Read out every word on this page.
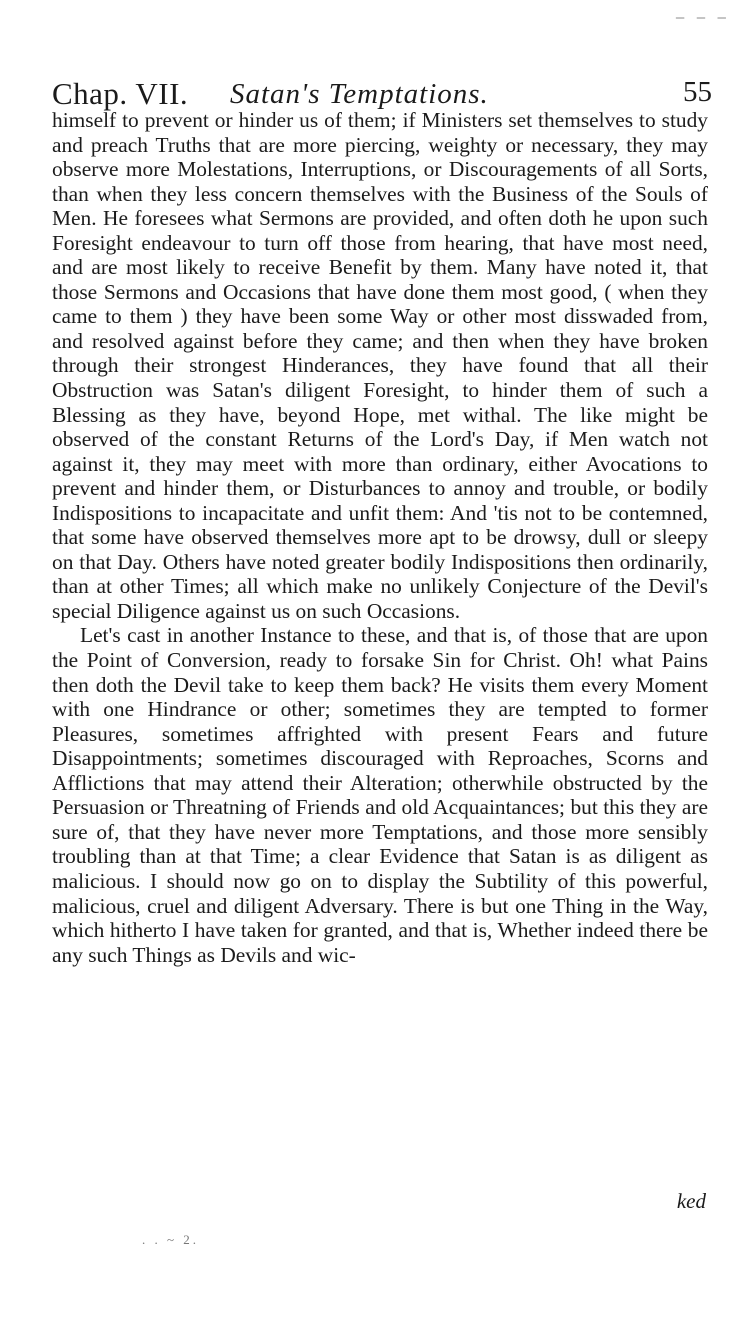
— — —
Chap. VII. Satan's Temptations.	55

himself to prevent or hinder us of them; if Ministers set themselves to study and preach Truths that are more piercing, weighty or necessary, they may observe more Molestations, Interruptions, or Discouragements of all Sorts, than when they less concern themselves with the Business of the Souls of Men. He foresees what Sermons are provided, and often doth he upon such Foresight endeavour to turn off those from hearing, that have most need, and are most likely to receive Benefit by them. Many have noted it, that those Sermons and Occasions that have done them most good, ( when they came to them ) they have been some Way or other most disswaded from, and resolved against before they came; and then when they have broken through their strongest Hinderances, they have found that all their Obstruction was Satan's diligent Foresight, to hinder them of such a Blessing as they have, beyond Hope, met withal. The like might be observed of the constant Returns of the Lord's Day, if Men watch not against it, they may meet with more than ordinary, either Avocations to prevent and hinder them, or Disturbances to annoy and trouble, or bodily Indispositions to incapacitate and unfit them: And 'tis not to be contemned, that some have observed themselves more apt to be drowsy, dull or sleepy on that Day. Others have noted greater bodily Indispositions then ordinarily, than at other Times; all which make no unlikely Conjecture of the Devil's special Diligence against us on such Occasions.

Let's cast in another Instance to these, and that is, of those that are upon the Point of Conversion, ready to forsake Sin for Christ. Oh! what Pains then doth the Devil take to keep them back? He visits them every Moment with one Hindrance or other; sometimes they are tempted to former Pleasures, sometimes affrighted with present Fears and future Disappointments; sometimes discouraged with Reproaches, Scorns and Afflictions that may attend their Alteration; otherwhile obstructed by the Persuasion or Threatning of Friends and old Acquaintances; but this they are sure of, that they have never more Temptations, and those more sensibly troubling than at that Time; a clear Evidence that Satan is as diligent as malicious. I should now go on to display the Subtility of this powerful, malicious, cruel and diligent Adversary. There is but one Thing in the Way, which hitherto I have taken for granted, and that is, Whether indeed there be any such Things as Devils and wic-

ked
. . ~ 2.
